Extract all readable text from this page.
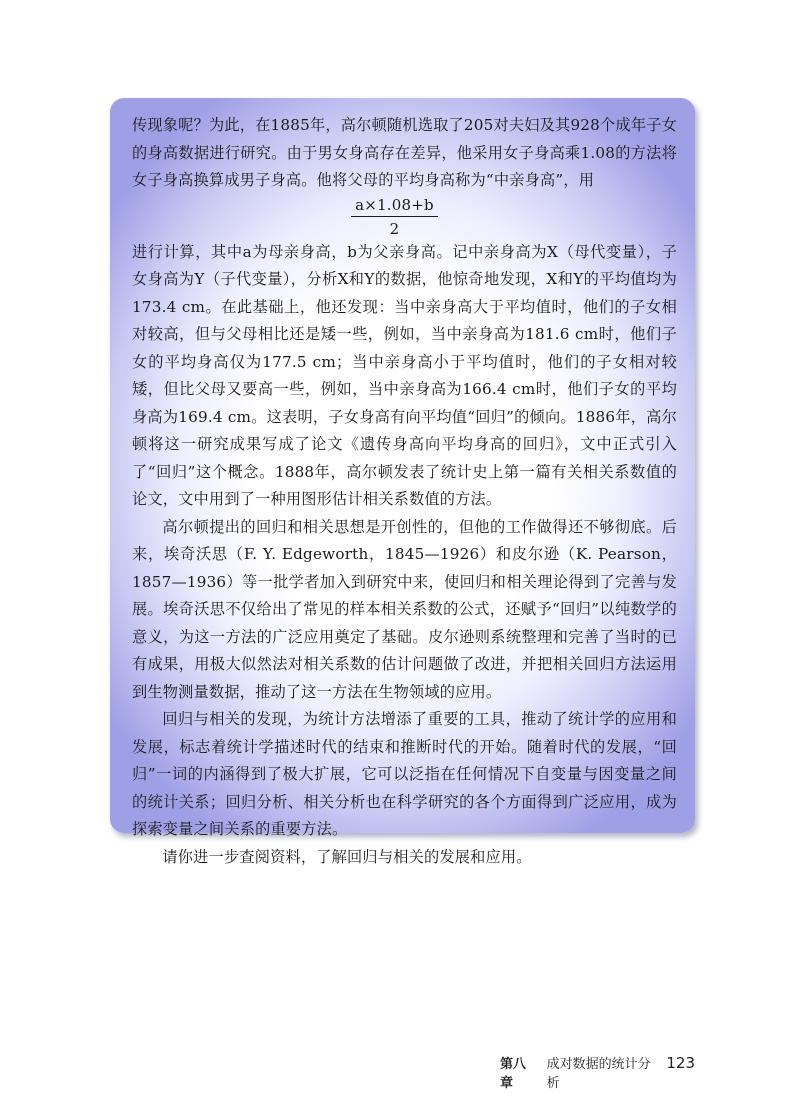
传现象呢？为此，在1885年，高尔顿随机选取了205对夫妇及其928个成年子女的身高数据进行研究。由于男女身高存在差异，他采用女子身高乘1.08的方法将女子身高换算成男子身高。他将父母的平均身高称为“中亲身高”，用

a×1.08+b
2

进行计算，其中a为母亲身高，b为父亲身高。记中亲身高为X（母代变量），子女身高为Y（子代变量），分析X和Y的数据，他惊奇地发现，X和Y的平均值均为173.4 cm。在此基础上，他还发现：当中亲身高大于平均值时，他们的子女相对较高，但与父母相比还是矮一些，例如，当中亲身高为181.6 cm时，他们子女的平均身高仅为177.5 cm；当中亲身高小于平均值时，他们的子女相对较矮，但比父母又要高一些，例如，当中亲身高为166.4 cm时，他们子女的平均身高为169.4 cm。这表明，子女身高有向平均值“回归”的倾向。1886年，高尔顿将这一研究成果写成了论文《遗传身高向平均身高的回归》，文中正式引入了“回归”这个概念。1888年，高尔顿发表了统计史上第一篇有关相关系数值的论文，文中用到了一种用图形估计相关系数值的方法。

高尔顿提出的回归和相关思想是开创性的，但他的工作做得还不够彻底。后来，埃奇沃思（F. Y. Edgeworth，1845—1926）和皮尔逊（K. Pearson，1857—1936）等一批学者加入到研究中来，使回归和相关理论得到了完善与发展。埃奇沃思不仅给出了常见的样本相关系数的公式，还赋予“回归”以纯数学的意义，为这一方法的广泛应用奠定了基础。皮尔逊则系统整理和完善了当时的已有成果，用极大似然法对相关系数的估计问题做了改进，并把相关回归方法运用到生物测量数据，推动了这一方法在生物领域的应用。

回归与相关的发现，为统计方法增添了重要的工具，推动了统计学的应用和发展，标志着统计学描述时代的结束和推断时代的开始。随着时代的发展，“回归”一词的内涵得到了极大扩展，它可以泛指在任何情况下自变量与因变量之间的统计关系；回归分析、相关分析也在科学研究的各个方面得到广泛应用，成为探索变量之间关系的重要方法。

请你进一步查阅资料，了解回归与相关的发展和应用。

第八章
成对数据的统计分析
123
